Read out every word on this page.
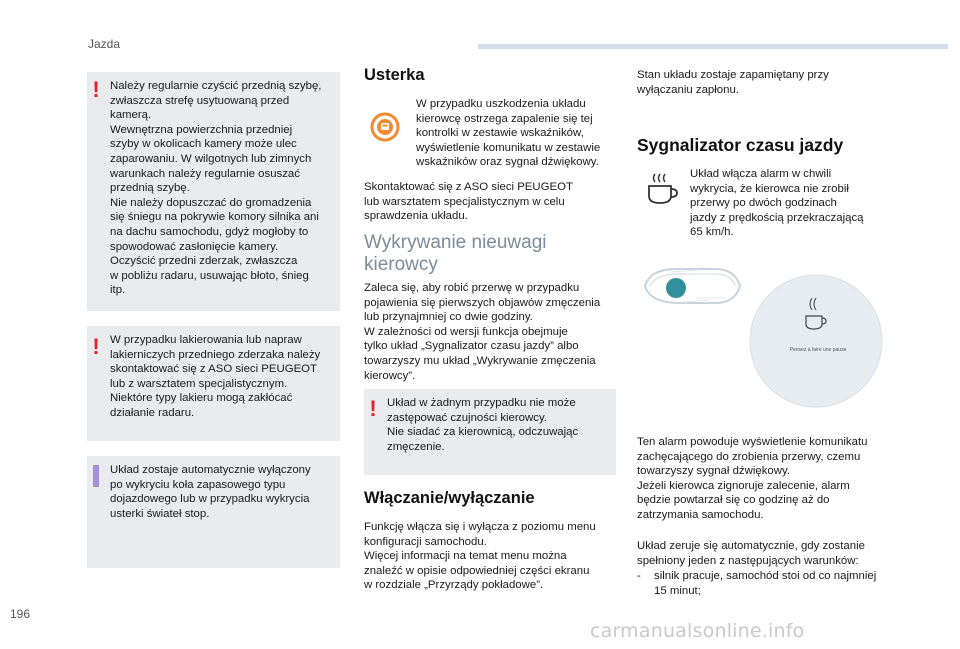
Jazda
! Należy regularnie czyścić przednią szybę,
zwłaszcza strefę usytuowaną przed
kamerą.
Wewnętrzna powierzchnia przedniej
szyby w okolicach kamery może ulec
zaparowaniu. W wilgotnych lub zimnych
warunkach należy regularnie osuszać
przednią szybę.
Nie należy dopuszczać do gromadzenia
się śniegu na pokrywie komory silnika ani
na dachu samochodu, gdyż mogłoby to
spowodować zasłonięcie kamery.
Oczyścić przedni zderzak, zwłaszcza
w pobliżu radaru, usuwając błoto, śnieg
itp.
! W przypadku lakierowania lub napraw
lakierniczych przedniego zderzaka należy
skontaktować się z ASO sieci PEUGEOT
lub z warsztatem specjalistycznym.
Niektóre typy lakieru mogą zakłócać
działanie radaru.
Układ zostaje automatycznie wyłączony
po wykryciu koła zapasowego typu
dojazdowego lub w przypadku wykrycia
usterki świateł stop.
Usterka
W przypadku uszkodzenia układu
kierowcę ostrzega zapalenie się tej
kontrolki w zestawie wskaźników,
wyświetlenie komunikatu w zestawie
wskaźników oraz sygnał dźwiękowy.
Skontaktować się z ASO sieci PEUGEOT
lub warsztatem specjalistycznym w celu
sprawdzenia układu.
Wykrywanie nieuwagi
kierowcy
Zaleca się, aby robić przerwę w przypadku
pojawienia się pierwszych objawów zmęczenia
lub przynajmniej co dwie godziny.
W zależności od wersji funkcja obejmuje
tylko układ „Sygnalizator czasu jazdy” albo
towarzyszy mu układ „Wykrywanie zmęczenia
kierowcy”.
! Układ w żadnym przypadku nie może
zastępować czujności kierowcy.
Nie siadać za kierownicą, odczuwając
zmęczenie.
Włączanie/wyłączanie
Funkcję włącza się i wyłącza z poziomu menu
konfiguracji samochodu.
Więcej informacji na temat menu można
znaleźć w opisie odpowiedniej części ekranu
w rozdziale „Przyrządy pokładowe”.
Stan układu zostaje zapamiętany przy
wyłączaniu zapłonu.
Sygnalizator czasu jazdy
Układ włącza alarm w chwili
wykrycia, że kierowca nie zrobił
przerwy po dwóch godzinach
jazdy z prędkością przekraczającą
65 km/h.
Pensez à faire une pause
Ten alarm powoduje wyświetlenie komunikatu
zachęcającego do zrobienia przerwy, czemu
towarzyszy sygnał dźwiękowy.
Jeżeli kierowca zignoruje zalecenie, alarm
będzie powtarzał się co godzinę aż do
zatrzymania samochodu.
Układ zeruje się automatycznie, gdy zostanie
spełniony jeden z następujących warunków:
- silnik pracuje, samochód stoi od co najmniej
15 minut;
196
carmanualsonline.info
